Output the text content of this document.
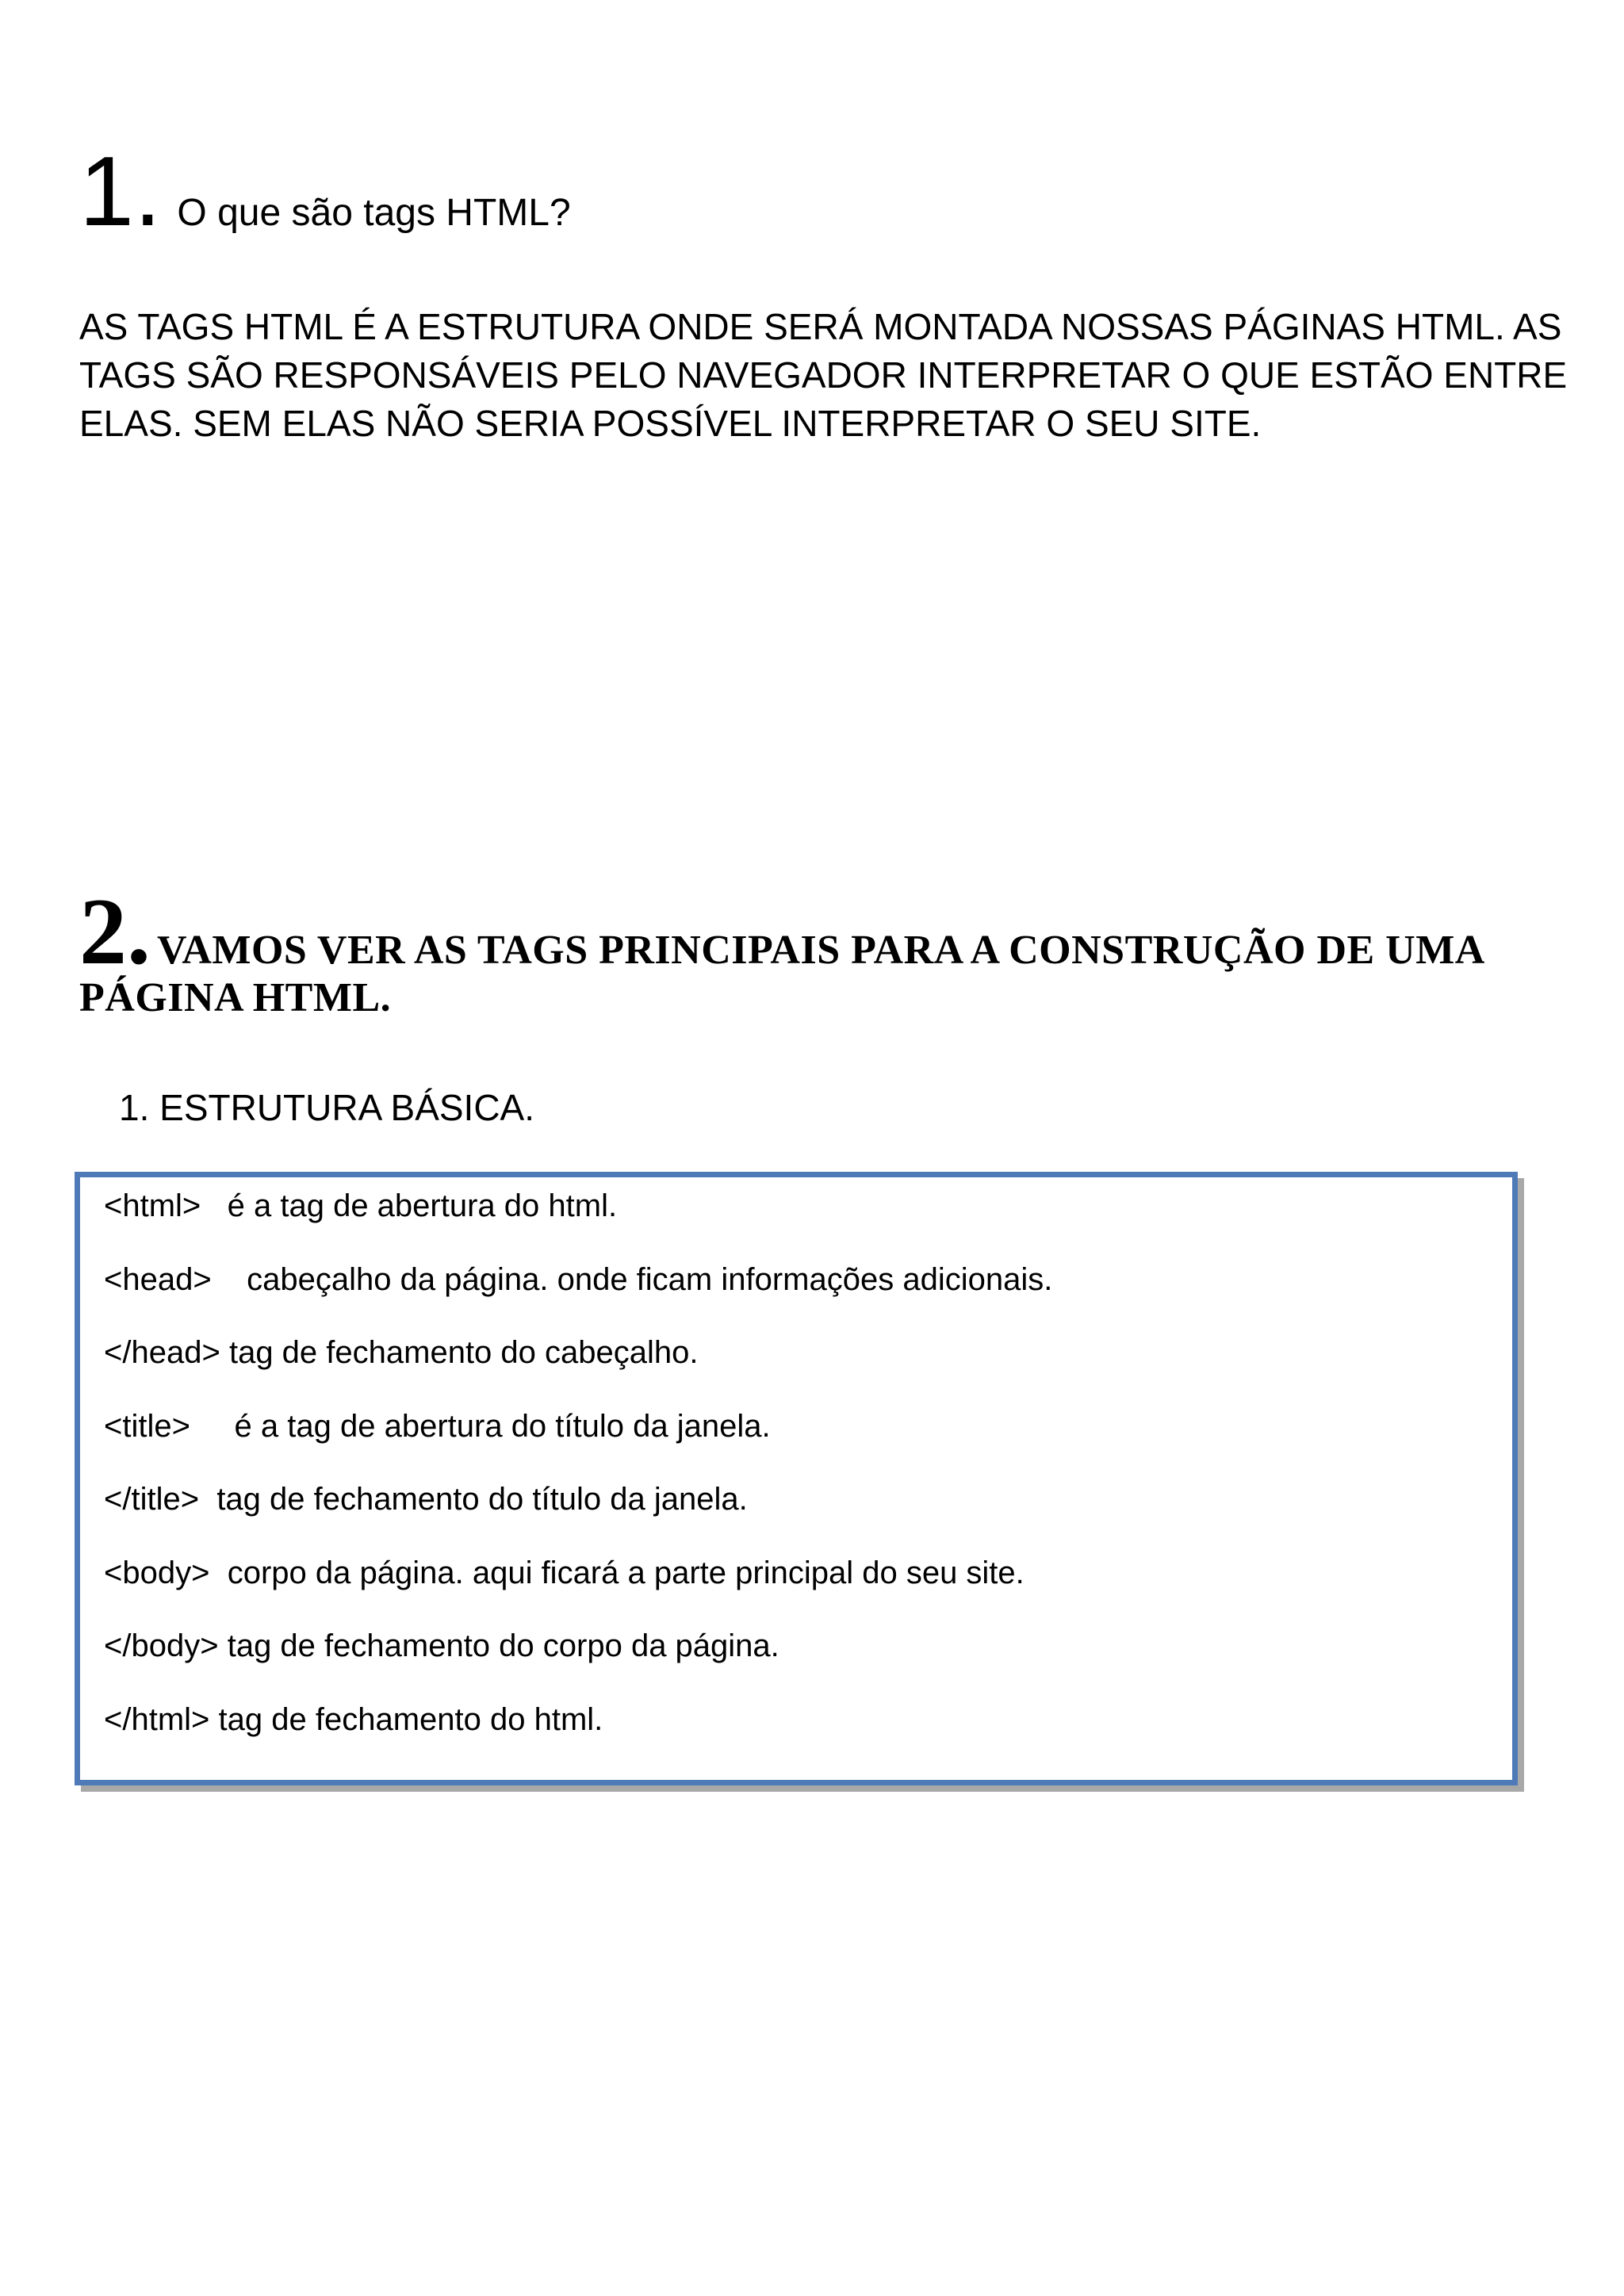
1. O que são tags HTML?
AS TAGS HTML É A ESTRUTURA ONDE SERÁ MONTADA NOSSAS PÁGINAS HTML. AS
TAGS SÃO RESPONSÁVEIS PELO NAVEGADOR INTERPRETAR O QUE ESTÃO ENTRE
ELAS. SEM ELAS NÃO SERIA POSSÍVEL INTERPRETAR O SEU SITE.
2. VAMOS VER AS TAGS PRINCIPAIS PARA A CONSTRUÇÃO DE UMA
PÁGINA HTML.
1. ESTRUTURA BÁSICA.
<html> é a tag de abertura do html.
<head> cabeçalho da página. onde ficam informações adicionais.
</head> tag de fechamento do cabeçalho.
<title> é a tag de abertura do título da janela.
</title> tag de fechamento do título da janela.
<body> corpo da página. aqui ficará a parte principal do seu site.
</body> tag de fechamento do corpo da página.
</html> tag de fechamento do html.
